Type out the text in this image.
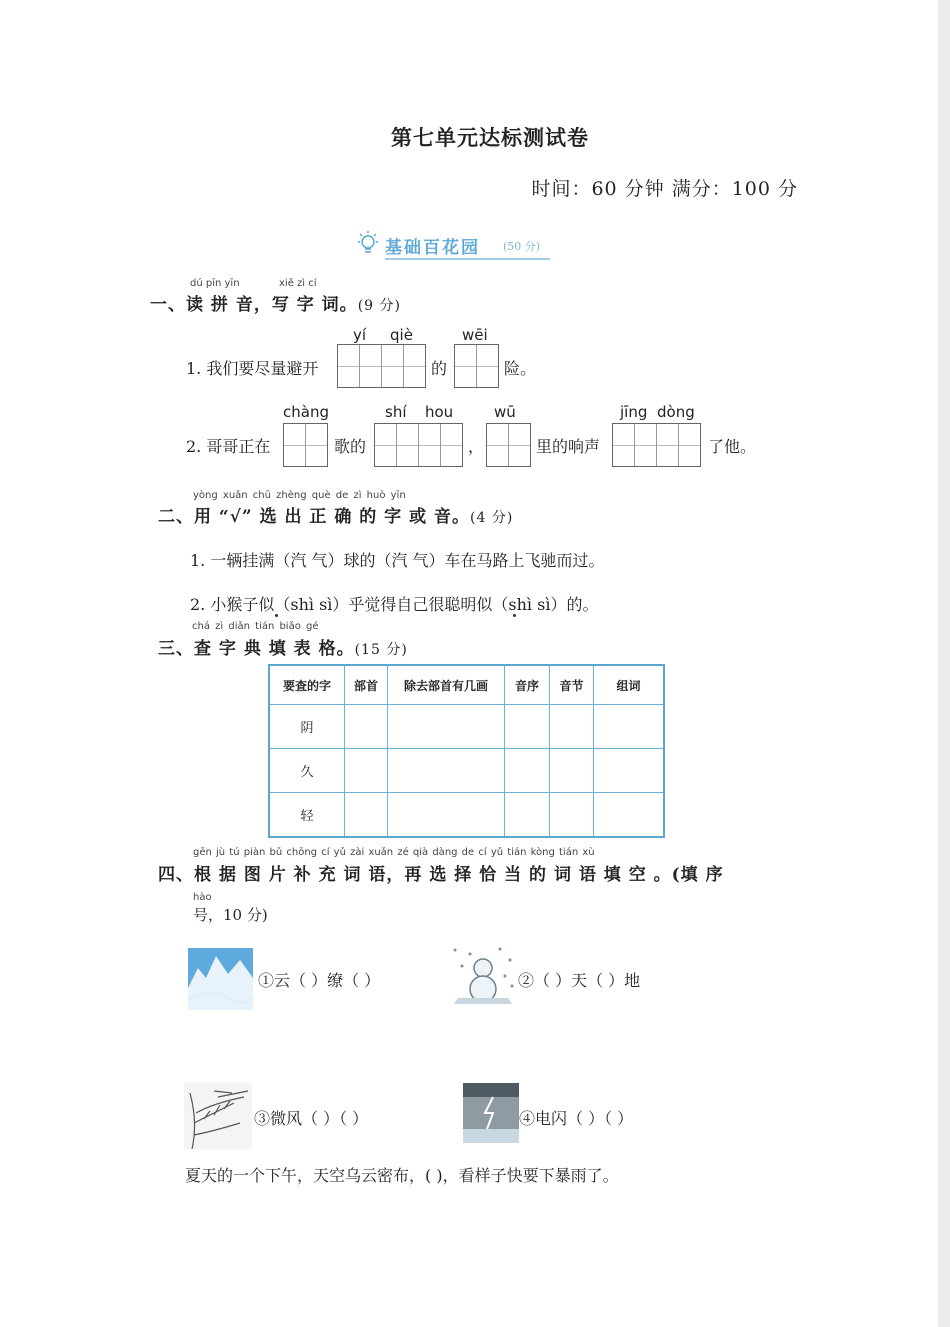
第七单元达标测试卷
时间：60 分钟 满分：100 分
基础百花园 (50 分)
dú pīn yīn	xiě zì cí
一、读 拼 音，写 字 词。(9 分)
yí qiè	wēi
1. 我们要尽量避开	的	险。
chàng	shí hou	wū	jīng dòng
2. 哥哥正在	歌的	，	里的响声	了他。
yòng xuǎn chū zhèng què de zì huò yīn
二、用 “√” 选 出 正 确 的 字 或 音。(4 分)
1. 一辆挂满（汽 气）球的（汽 气）车在马路上飞驰而过。
2. 小猴子似（shì sì）乎觉得自己很聪明似（shì sì）的。
chá zì diǎn tián biǎo gé
三、查 字 典 填 表 格。(15 分)
要查的字	部首	除去部首有几画	音序	音节	组词
阴					
久					
轻					
gēn jù tú piàn bǔ chōng cí yǔ zài xuǎn zé qià dàng de cí yǔ tián kòng tián xù
四、根 据 图 片 补 充 词 语，再 选 择 恰 当 的 词 语 填 空 。(填 序
hào
号，10 分)
①云（ ）缭（ ）	②（ ）天（ ）地
③微风（ ）（ ）	④电闪（ ）（ ）
夏天的一个下午，天空乌云密布，( )，看样子快要下暴雨了。
